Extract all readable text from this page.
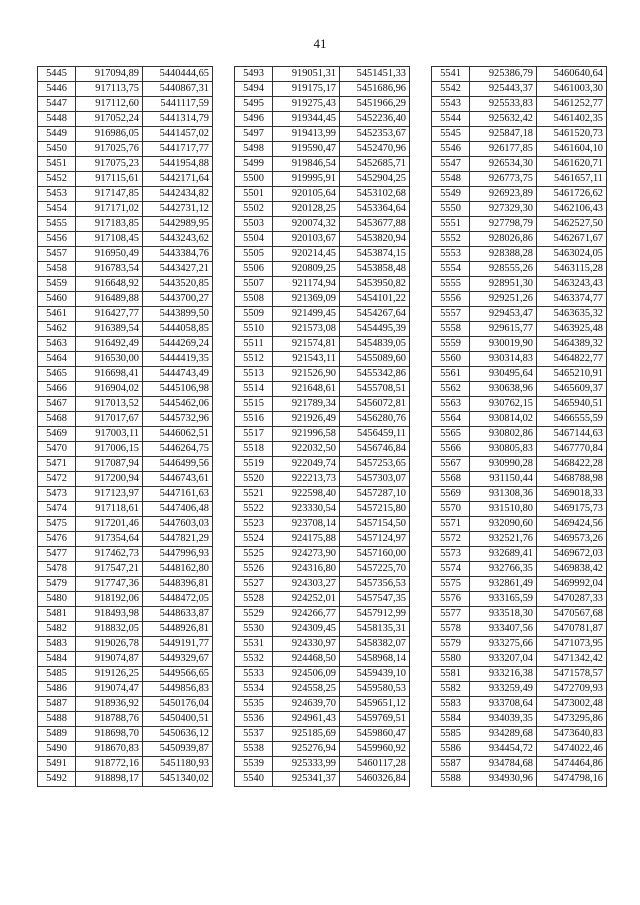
41
5445	917094,89	5440444,65
5446	917113,75	5440867,31
5447	917112,60	5441117,59
5448	917052,24	5441314,79
5449	916986,05	5441457,02
5450	917025,76	5441717,77
5451	917075,23	5441954,88
5452	917115,61	5442171,64
5453	917147,85	5442434,82
5454	917171,02	5442731,12
5455	917183,85	5442989,95
5456	917108,45	5443243,62
5457	916950,49	5443384,76
5458	916783,54	5443427,21
5459	916648,92	5443520,85
5460	916489,88	5443700,27
5461	916427,77	5443899,50
5462	916389,54	5444058,85
5463	916492,49	5444269,24
5464	916530,00	5444419,35
5465	916698,41	5444743,49
5466	916904,02	5445106,98
5467	917013,52	5445462,06
5468	917017,67	5445732,96
5469	917003,11	5446062,51
5470	917006,15	5446264,75
5471	917087,94	5446499,56
5472	917200,94	5446743,61
5473	917123,97	5447161,63
5474	917118,61	5447406,48
5475	917201,46	5447603,03
5476	917354,64	5447821,29
5477	917462,73	5447996,93
5478	917547,21	5448162,80
5479	917747,36	5448396,81
5480	918192,06	5448472,05
5481	918493,98	5448633,87
5482	918832,05	5448926,81
5483	919026,78	5449191,77
5484	919074,87	5449329,67
5485	919126,25	5449566,65
5486	919074,47	5449856,83
5487	918936,92	5450176,04
5488	918788,76	5450400,51
5489	918698,70	5450636,12
5490	918670,83	5450939,87
5491	918772,16	5451180,93
5492	918898,17	5451340,02
5493	919051,31	5451451,33
5494	919175,17	5451686,96
5495	919275,43	5451966,29
5496	919344,45	5452236,40
5497	919413,99	5452353,67
5498	919590,47	5452470,96
5499	919846,54	5452685,71
5500	919995,91	5452904,25
5501	920105,64	5453102,68
5502	920128,25	5453364,64
5503	920074,32	5453677,88
5504	920103,67	5453820,94
5505	920214,45	5453874,15
5506	920809,25	5453858,48
5507	921174,94	5453950,82
5508	921369,09	5454101,22
5509	921499,45	5454267,64
5510	921573,08	5454495,39
5511	921574,81	5454839,05
5512	921543,11	5455089,60
5513	921526,90	5455342,86
5514	921648,61	5455708,51
5515	921789,34	5456072,81
5516	921926,49	5456280,76
5517	921996,58	5456459,11
5518	922032,50	5456746,84
5519	922049,74	5457253,65
5520	922213,73	5457303,07
5521	922598,40	5457287,10
5522	923330,54	5457215,80
5523	923708,14	5457154,50
5524	924175,88	5457124,97
5525	924273,90	5457160,00
5526	924316,80	5457225,70
5527	924303,27	5457356,53
5528	924252,01	5457547,35
5529	924266,77	5457912,99
5530	924309,45	5458135,31
5531	924330,97	5458382,07
5532	924468,50	5458968,14
5533	924506,09	5459439,10
5534	924558,25	5459580,53
5535	924639,70	5459651,12
5536	924961,43	5459769,51
5537	925185,69	5459860,47
5538	925276,94	5459960,92
5539	925333,99	5460117,28
5540	925341,37	5460326,84
5541	925386,79	5460640,64
5542	925443,37	5461003,30
5543	925533,83	5461252,77
5544	925632,42	5461402,35
5545	925847,18	5461520,73
5546	926177,85	5461604,10
5547	926534,30	5461620,71
5548	926773,75	5461657,11
5549	926923,89	5461726,62
5550	927329,30	5462106,43
5551	927798,79	5462527,50
5552	928026,86	5462671,67
5553	928388,28	5463024,05
5554	928555,26	5463115,28
5555	928951,30	5463243,43
5556	929251,26	5463374,77
5557	929453,47	5463635,32
5558	929615,77	5463925,48
5559	930019,90	5464389,32
5560	930314,83	5464822,77
5561	930495,64	5465210,91
5562	930638,96	5465609,37
5563	930762,15	5465940,51
5564	930814,02	5466555,59
5565	930802,86	5467144,63
5566	930805,83	5467770,84
5567	930990,28	5468422,28
5568	931150,44	5468788,98
5569	931308,36	5469018,33
5570	931510,80	5469175,73
5571	932090,60	5469424,56
5572	932521,76	5469573,26
5573	932689,41	5469672,03
5574	932766,35	5469838,42
5575	932861,49	5469992,04
5576	933165,59	5470287,33
5577	933518,30	5470567,68
5578	933407,56	5470781,87
5579	933275,66	5471073,95
5580	933207,04	5471342,42
5581	933216,38	5471578,57
5582	933259,49	5472709,93
5583	933708,64	5473002,48
5584	934039,35	5473295,86
5585	934289,68	5473640,83
5586	934454,72	5474022,46
5587	934784,68	5474464,86
5588	934930,96	5474798,16
